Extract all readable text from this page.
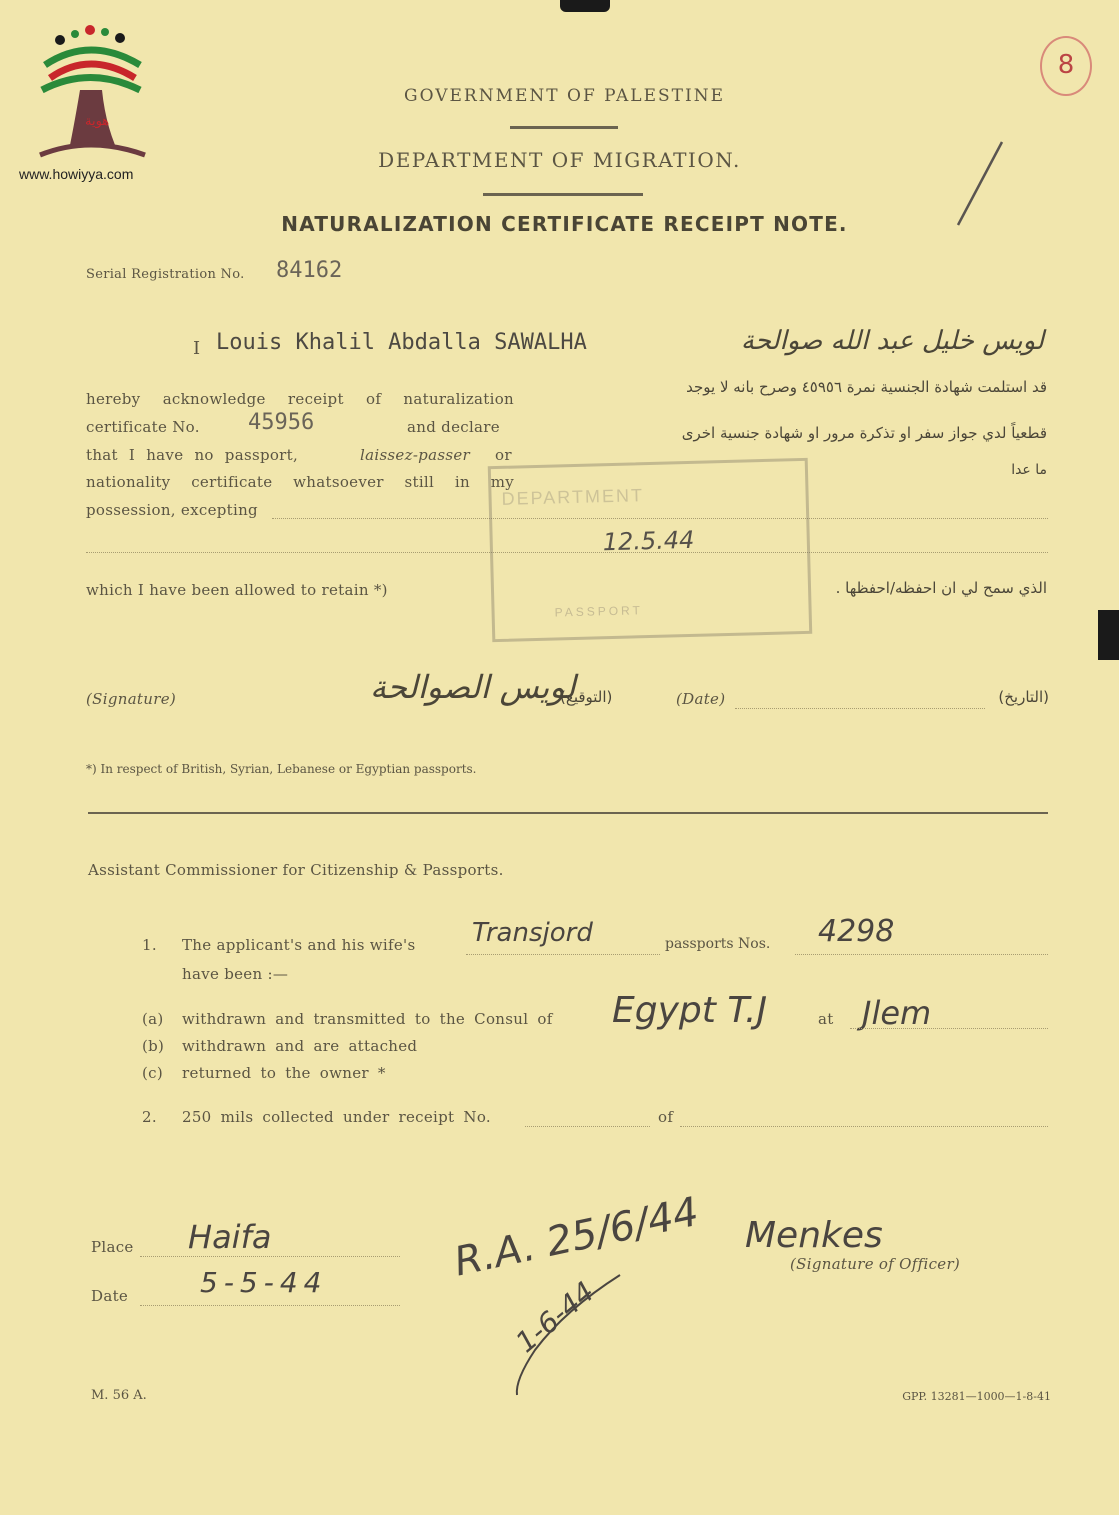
هوية
www.howiyya.com
8
GOVERNMENT OF PALESTINE
DEPARTMENT OF MIGRATION.
NATURALIZATION CERTIFICATE RECEIPT NOTE.
Serial Registration No. 84162
I Louis Khalil Abdalla SAWALHA	لويس خليل عبد الله صوالحة
hereby acknowledge receipt of naturalization
certificate No. 45956	and declare
that I have no passport,	laissez-passer or
nationality certificate whatsoever still in my
possession, excepting
which I have been allowed to retain *)
قد استلمت شهادة الجنسية نمرة ٤٥٩٥٦ وصرح بانه لا يوجد
قطعياً لدي جواز سفر او تذكرة مرور او شهادة جنسية اخرى
ما عدا
الذي سمح لي ان احفظه/احفظها .
DEPARTMENT
12.5.44
PASSPORT
(Signature)	لويس الصوالحة
(التوقيع)	(Date)	(التاريخ)
*) In respect of British, Syrian, Lebanese or Egyptian passports.
Assistant Commissioner for Citizenship & Passports.
1. The applicant's and his wife's Transjord	passports Nos. 4298
have been :—
(a) withdrawn and transmitted to the Consul of Egypt T.J	at Jlem
(b) withdrawn and are attached
(c) returned to the owner *
2. 250 mils collected under receipt No.	of
Place Haifa
Date	5-5-44	R.A. 25/6/44
1-6-44
Menkes
(Signature of Officer)
M. 56 A.	GPP. 13281—1000—1-8-41
